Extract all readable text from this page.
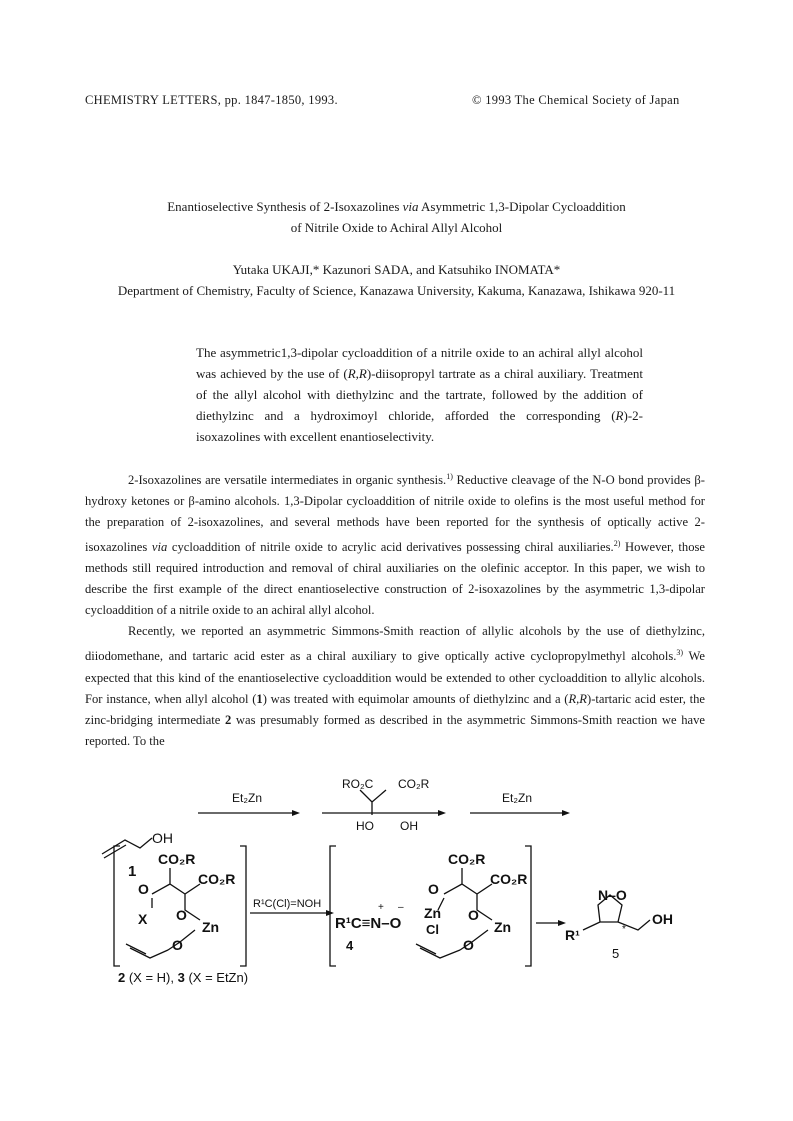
CHEMISTRY LETTERS, pp. 1847-1850, 1993.	© 1993 The Chemical Society of Japan
Enantioselective Synthesis of 2-Isoxazolines via Asymmetric 1,3-Dipolar Cycloaddition
of Nitrile Oxide to Achiral Allyl Alcohol
Yutaka UKAJI,* Kazunori SADA, and Katsuhiko INOMATA*
Department of Chemistry, Faculty of Science, Kanazawa University, Kakuma, Kanazawa, Ishikawa 920-11

The asymmetric1,3-dipolar cycloaddition of a nitrile oxide to an achiral allyl alcohol was achieved by the use of (R,R)-diisopropyl tartrate as a chiral auxiliary. Treatment of the allyl alcohol with diethylzinc and the tartrate, followed by the addition of diethylzinc and a hydroximoyl chloride, afforded the corresponding (R)-2-isoxazolines with excellent enantioselectivity.

2-Isoxazolines are versatile intermediates in organic synthesis.$^{1)}$ Reductive cleavage of the N-O bond provides β-hydroxy ketones or β-amino alcohols. 1,3-Dipolar cycloaddition of nitrile oxide to olefins is the most useful method for the preparation of 2-isoxazolines, and several methods have been reported for the synthesis of optically active 2-isoxazolines via cycloaddition of nitrile oxide to acrylic acid derivatives possessing chiral auxiliaries.$^{2)}$ However, those methods still required introduction and removal of chiral auxiliaries on the olefinic acceptor. In this paper, we wish to describe the first example of the direct enantioselective construction of 2-isoxazolines by the asymmetric 1,3-dipolar cycloaddition of a nitrile oxide to an achiral allyl alcohol.

Recently, we reported an asymmetric Simmons-Smith reaction of allylic alcohols by the use of diethylzinc, diiodomethane, and tartaric acid ester as a chiral auxiliary to give optically active cyclopropylmethyl alcohols.$^{3)}$ We expected that this kind of the enantioselective cycloaddition would be extended to other cycloaddition to allylic alcohols. For instance, when allyl alcohol (1) was treated with equimolar amounts of diethylzinc and a (R,R)-tartaric acid ester, the zinc-bridging intermediate 2 was presumably formed as described in the asymmetric Simmons-Smith reaction we have reported. To the

OH
1
Et₂Zn
RO₂C CO₂R
HO OH
Et₂Zn
CO₂R
CO₂R
O
X O
Zn
O
R¹C(Cl)=NOH	+ –
R¹C≡N–O
Zn
Cl
4
CO₂R
CO₂R
O
O
Zn
O
N–O
R¹	*
OH
5
2 (X = H), 3 (X = EtZn)
